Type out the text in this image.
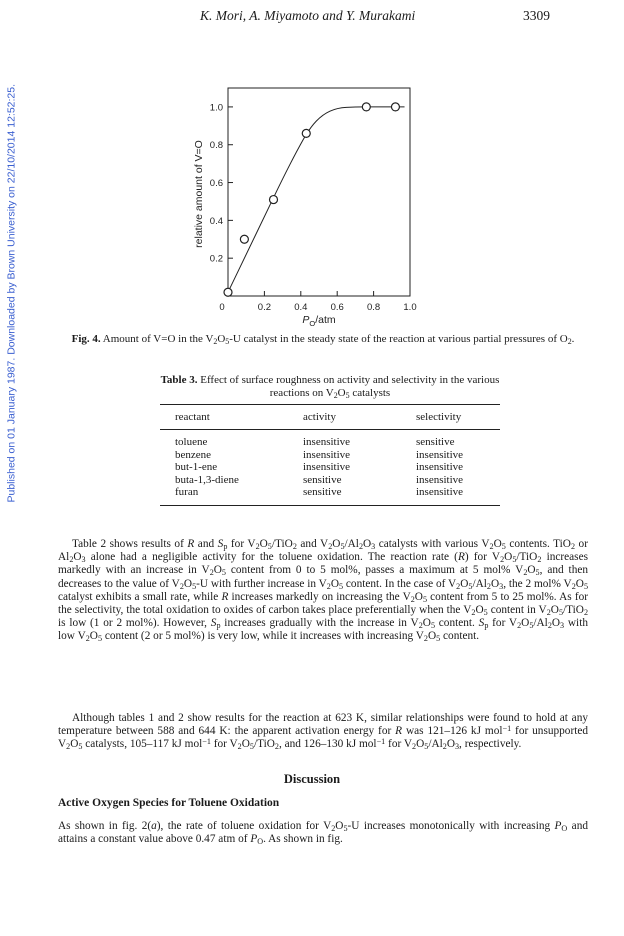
K. Mori, A. Miyamoto and Y. Murakami	3309
Published on 01 January 1987. Downloaded by Brown University on 22/10/2014 12:52:25.	0.2
0.4
0.6
0.8
1.0
0	0.2 0.4 0.6 0.8 1.0
relative amount of V=O
$P_O$/atm
Fig. 4. Amount of V=O in the $V_2O_5-U$ catalyst in the steady state of the reaction at various partial pressures of $O_2$.
Table 3. Effect of surface roughness on activity and selectivity in the various reactions on $V_2O_5$ catalysts
reactant	activity	selectivity
toluene	insensitive	sensitive
benzene	insensitive	insensitive
but-1-ene	insensitive	insensitive
buta-1,3-diene	sensitive	insensitive
furan	sensitive	insensitive
Table 2 shows results of R and $S_p$ for $V_2O_5/TiO_2$ and $V_2O_5/Al_2O_3$ catalysts with various $V_2O_5$ contents. TiO$_2$ or $Al_2O_3$ alone had a negligible activity for the toluene oxidation. The reaction rate (R) for $V_2O_5/TiO_2$ increases markedly with an increase in $V_2O_5$ content from 0 to 5 mol%, passes a maximum at 5 mol% $V_2O_5$, and then decreases to the value of $V_2O_5-U$ with further increase in $V_2O_5$ content. In the case of $V_2O_5/Al_2O_3$, the 2 mol% $V_2O_5$ catalyst exhibits a small rate, while R increases markedly on increasing the $V_2O_5$ content from 5 to 25 mol%. As for the selectivity, the total oxidation to oxides of carbon takes place preferentially when the $V_2O_5$ content in $V_2O_5/TiO_2$ is low (1 or 2 mol%). However, $S_p$ increases gradually with the increase in $V_2O_5$ content. $S_p$ for $V_2O_5/Al_2O_3$ with low $V_2O_5$ content (2 or 5 mol%) is very low, while it increases with increasing $V_2O_5$ content.
Although tables 1 and 2 show results for the reaction at 623 K, similar relationships were found to hold at any temperature between 588 and 644 K: the apparent activation energy for R was 121–126 kJ mol$^{-1}$ for unsupported $V_2O_5$ catalysts, 105–117 kJ mol$^{-1}$ for $V_2O_5/TiO_2$, and 126–130 kJ mol$^{-1}$ for $V_2O_5/Al_2O_3$, respectively.
Discussion
Active Oxygen Species for Toluene Oxidation
As shown in fig. 2(a), the rate of toluene oxidation for $V_2O_5-U$ increases monotonically with increasing $P_O$ and attains a constant value above 0.47 atm of $P_O$. As shown in fig.
